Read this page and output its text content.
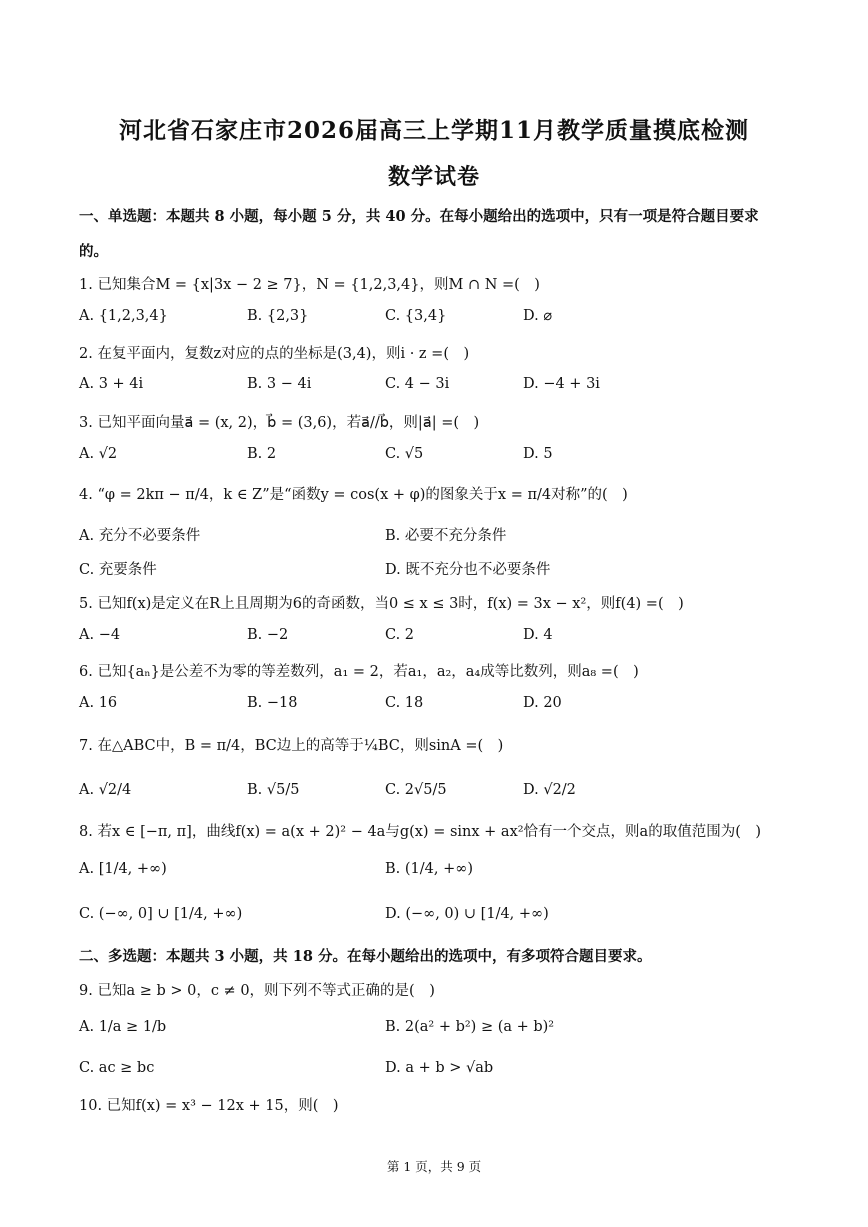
河北省石家庄市2026届高三上学期11月教学质量摸底检测
数学试卷
一、单选题：本题共 8 小题，每小题 5 分，共 40 分。在每小题给出的选项中，只有一项是符合题目要求
的。
1. 已知集合M = {x|3x − 2 ≥ 7}，N = {1,2,3,4}，则M ∩ N =(　)
A. {1,2,3,4}	B. {2,3}	C. {3,4}	D. ⌀
2. 在复平面内，复数z对应的点的坐标是(3,4)，则i · z =(　)
A. 3 + 4i	B. 3 − 4i	C. 4 − 3i	D. −4 + 3i
3. 已知平面向量a⃗ = (x, 2)，b⃗ = (3,6)，若a⃗//b⃗，则|a⃗| =(　)
A. √2	B. 2	C. √5	D. 5
4. “φ = 2kπ − π/4，k ∈ Z”是“函数y = cos(x + φ)的图象关于x = π/4对称”的(　)
A. 充分不必要条件	B. 必要不充分条件
C. 充要条件	D. 既不充分也不必要条件
5. 已知f(x)是定义在R上且周期为6的奇函数，当0 ≤ x ≤ 3时，f(x) = 3x − x²，则f(4) =(　)
A. −4	B. −2	C. 2	D. 4
6. 已知{aₙ}是公差不为零的等差数列，a₁ = 2，若a₁，a₂，a₄成等比数列，则a₈ =(　)
A. 16	B. −18	C. 18	D. 20
7. 在△ABC中，B = π/4，BC边上的高等于¼BC，则sinA =(　)
A. √2/4	B. √5/5	C. 2√5/5	D. √2/2
8. 若x ∈ [−π, π]，曲线f(x) = a(x + 2)² − 4a与g(x) = sinx + ax²恰有一个交点，则a的取值范围为(　)
A. [1/4, +∞)	B. (1/4, +∞)
C. (−∞, 0] ∪ [1/4, +∞)	D. (−∞, 0) ∪ [1/4, +∞)
二、多选题：本题共 3 小题，共 18 分。在每小题给出的选项中，有多项符合题目要求。
9. 已知a ≥ b > 0，c ≠ 0，则下列不等式正确的是(　)
A. 1/a ≥ 1/b	B. 2(a² + b²) ≥ (a + b)²
C. ac ≥ bc	D. a + b > √ab
10. 已知f(x) = x³ − 12x + 15，则(　)
第 1 页，共 9 页
